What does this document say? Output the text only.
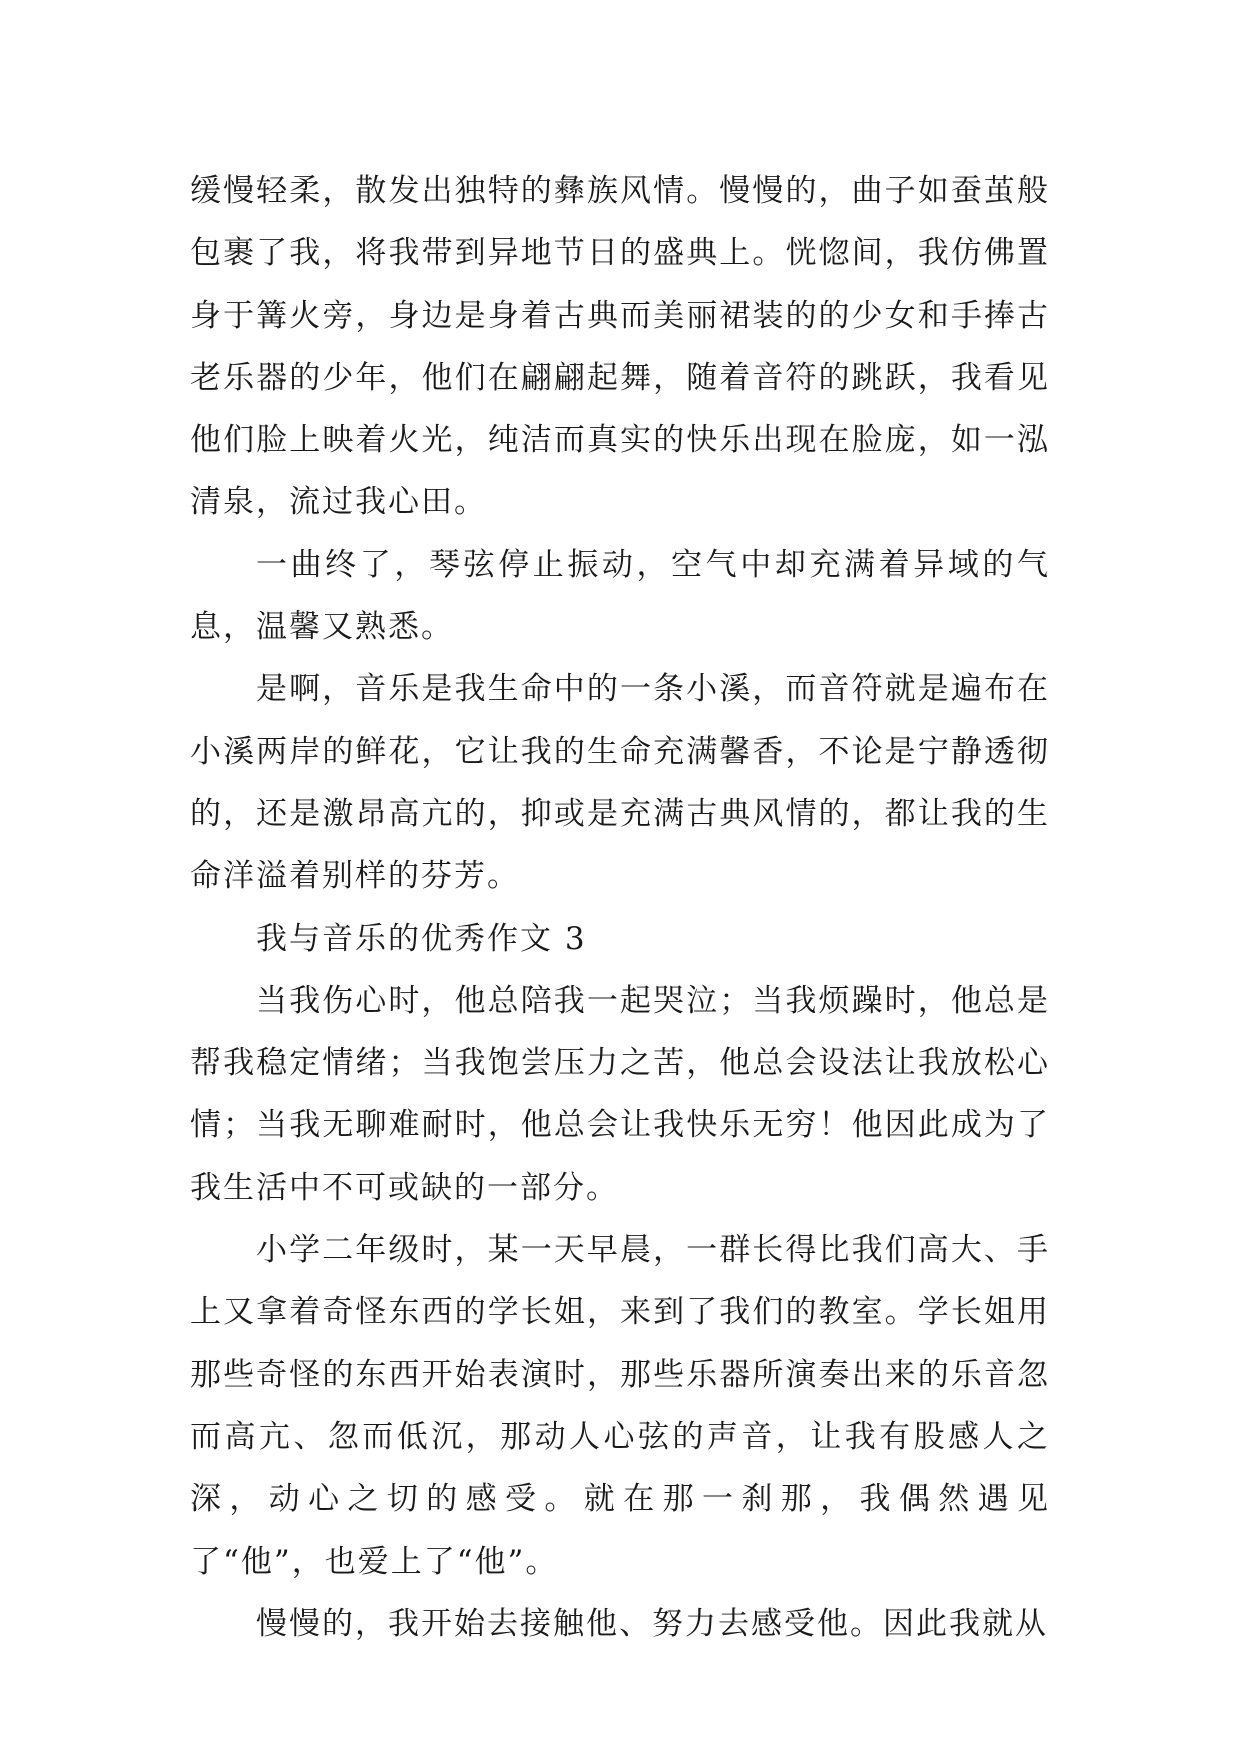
缓慢轻柔，散发出独特的彝族风情。慢慢的，曲子如蚕茧般包裹了我，将我带到异地节日的盛典上。恍惚间，我仿佛置身于篝火旁，身边是身着古典而美丽裙装的的少女和手捧古老乐器的少年，他们在翩翩起舞，随着音符的跳跃，我看见他们脸上映着火光，纯洁而真实的快乐出现在脸庞，如一泓清泉，流过我心田。

一曲终了，琴弦停止振动，空气中却充满着异域的气息，温馨又熟悉。

是啊，音乐是我生命中的一条小溪，而音符就是遍布在小溪两岸的鲜花，它让我的生命充满馨香，不论是宁静透彻的，还是激昂高亢的，抑或是充满古典风情的，都让我的生命洋溢着别样的芬芳。

我与音乐的优秀作文 3

当我伤心时，他总陪我一起哭泣；当我烦躁时，他总是帮我稳定情绪；当我饱尝压力之苦，他总会设法让我放松心情；当我无聊难耐时，他总会让我快乐无穷！他因此成为了我生活中不可或缺的一部分。

小学二年级时，某一天早晨，一群长得比我们高大、手上又拿着奇怪东西的学长姐，来到了我们的教室。学长姐用那些奇怪的东西开始表演时，那些乐器所演奏出来的乐音忽而高亢、忽而低沉，那动人心弦的声音，让我有股感人之深，动心之切的感受。就在那一刹那，我偶然遇见了“他”，也爱上了“他”。

慢慢的，我开始去接触他、努力去感受他。因此我就从
